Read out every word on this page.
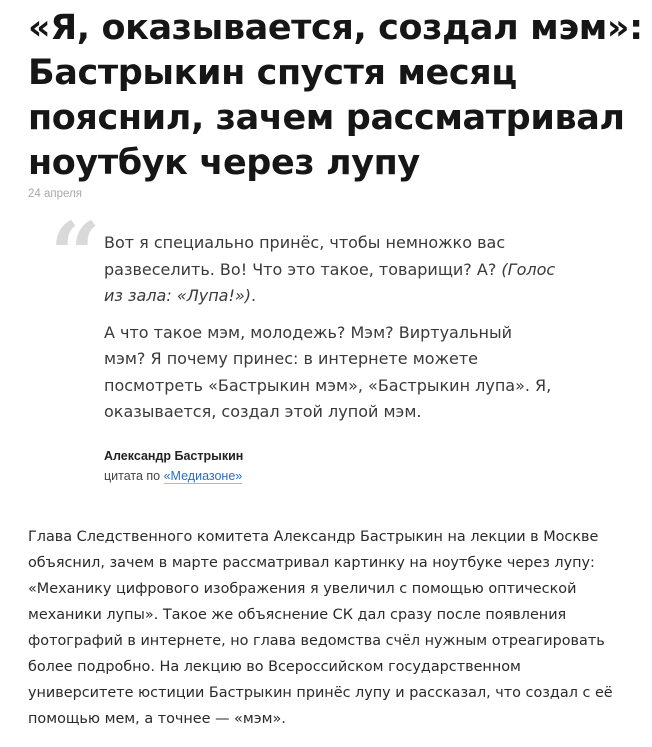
«Я, оказывается, создал мэм»:
Бастрыкин спустя месяц
пояснил, зачем рассматривал
ноутбук через лупу
24 апреля
“ Вот я специально принёс, чтобы немножко вас
развеселить. Во! Что это такое, товарищи? А? (Голос
из зала: «Лупа!»).

А что такое мэм, молодежь? Мэм? Виртуальный
мэм? Я почему принес: в интернете можете
посмотреть «Бастрыкин мэм», «Бастрыкин лупа». Я,
оказывается, создал этой лупой мэм.

Александр Бастрыкин
цитата по «Медиазоне»
Глава Следственного комитета Александр Бастрыкин на лекции в Москве
объяснил, зачем в марте рассматривал картинку на ноутбуке через лупу:
«Механику цифрового изображения я увеличил с помощью оптической
механики лупы». Такое же объяснение СК дал сразу после появления
фотографий в интернете, но глава ведомства счёл нужным отреагировать
более подробно. На лекцию во Всероссийском государственном
университете юстиции Бастрыкин принёс лупу и рассказал, что создал с её
помощью мем, а точнее — «мэм».
